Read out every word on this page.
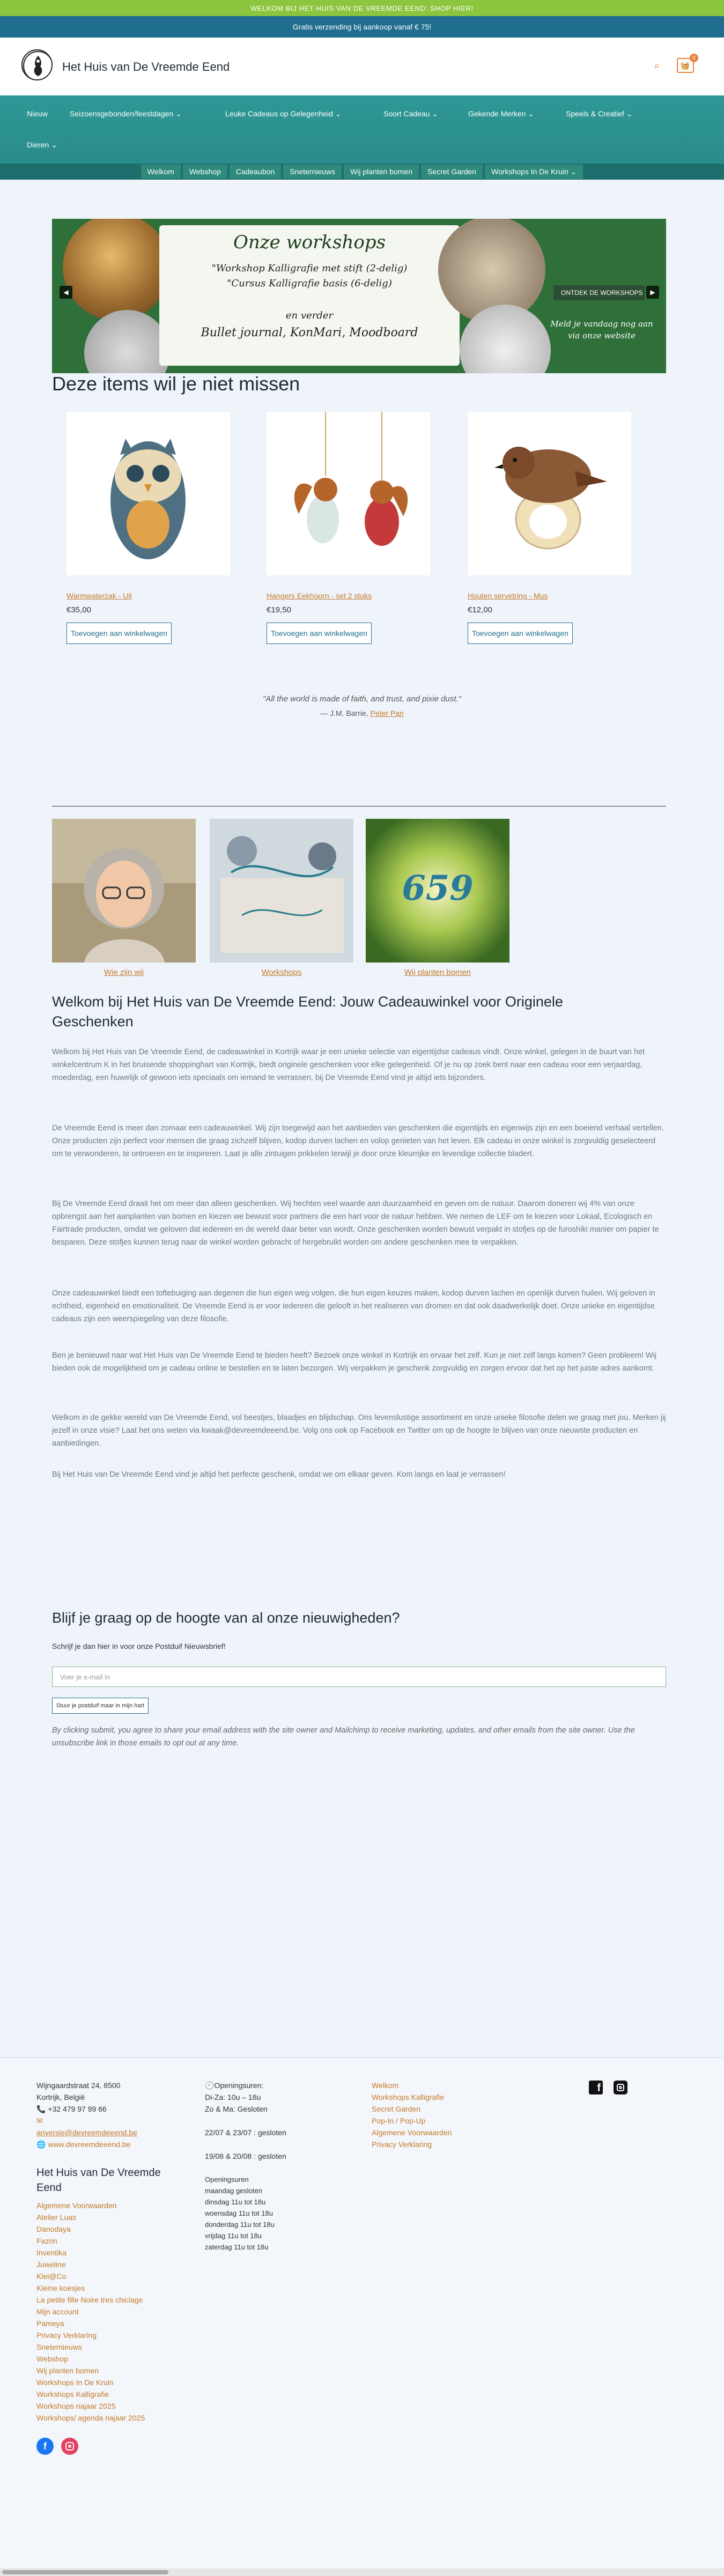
WELKOM BIJ HET HUIS VAN DE VREEMDE EEND: SHOP HIER!
Gratis verzending bij aankoop vanaf € 75!
Het Huis van De Vreemde Eend	⌕	🧺
0
Nieuw	Seizoensgebonden/feestdagen ⌄	Leuke Cadeaus op Gelegenheid ⌄	Soort Cadeau ⌄	Gekende Merken ⌄	Speels & Creatief ⌄
Dieren ⌄
Welkom	Webshop	Cadeaubon	Sneternieuws	Wij planten bomen	Secret Garden	Workshops In De Kruin ⌄
Onze workshops
"Workshop Kalligrafie met stift (2-delig)
"Cursus Kalligrafie basis (6-delig)
en verder
Bullet journal, KonMari, Moodboard
◀	ONTDEK DE WORKSHOPS	▶
Meld je vandaag nog aan
via onze website
Deze items wil je niet missen
Warmwaterzak - Uil
€35,00
Toevoegen aan winkelwagen
Hangers Eekhoorn - set 2 stuks
€19,50
Toevoegen aan winkelwagen
Houten servetring - Mus
€12,00
Toevoegen aan winkelwagen
"All the world is made of faith, and trust, and pixie dust."
— J.M. Barrie, Peter Pan
Wie zijn wij	Workshops
659
Wij planten bomen
Welkom bij Het Huis van De Vreemde Eend: Jouw Cadeauwinkel voor Originele Geschenken
Welkom bij Het Huis van De Vreemde Eend, de cadeauwinkel in Kortrijk waar je een unieke selectie van eigentijdse cadeaus vindt. Onze winkel, gelegen in de buurt van het winkelcentrum K in het bruisende shoppinghart van Kortrijk, biedt originele geschenken voor elke gelegenheid. Of je nu op zoek bent naar een cadeau voor een verjaardag, moederdag, een huwelijk of gewoon iets speciaals om iemand te verrassen, bij De Vreemde Eend vind je altijd iets bijzonders.
De Vreemde Eend is meer dan zomaar een cadeauwinkel. Wij zijn toegewijd aan het aanbieden van geschenken die eigentijds en eigenwijs zijn en een boeiend verhaal vertellen. Onze producten zijn perfect voor mensen die graag zichzelf blijven, kodop durven lachen en volop genieten van het leven. Elk cadeau in onze winkel is zorgvuldig geselecteerd om te verwonderen, te ontroeren en te inspireren. Laat je alle zintuigen prikkelen terwijl je door onze kleurrijke en levendige collectie bladert.
Bij De Vreemde Eend draait het om meer dan alleen geschenken. Wij hechten veel waarde aan duurzaamheid en geven om de natuur. Daarom doneren wij 4% van onze opbrengst aan het aanplanten van bomen en kiezen we bewust voor partners die een hart voor de natuur hebben. We nemen de LEF om te kiezen voor Lokaal, Ecologisch en Fairtrade producten, omdat we geloven dat iedereen en de wereld daar beter van wordt. Onze geschenken worden bewust verpakt in stofjes op de furoshiki manier om papier te besparen. Deze stofjes kunnen terug naar de winkel worden gebracht of hergebruikt worden om andere geschenken mee te verpakken.
Onze cadeauwinkel biedt een toftebuiging aan degenen die hun eigen weg volgen, die hun eigen keuzes maken, kodop durven lachen en openlijk durven huilen. Wij geloven in echtheid, eigenheid en emotionaliteit. De Vreemde Eend is er voor iedereen die gelooft in het realiseren van dromen en dat ook daadwerkelijk doet. Onze unieke en eigentijdse cadeaus zijn een weerspiegeling van deze filosofie.
Ben je benieuwd naar wat Het Huis van De Vreemde Eend te bieden heeft? Bezoek onze winkel in Kortrijk en ervaar het zelf. Kun je niet zelf langs komen? Geen probleem! Wij bieden ook de mogelijkheid om je cadeau online te bestellen en te laten bezorgen. Wij verpakken je geschenk zorgvuldig en zorgen ervoor dat het op het juiste adres aankomt.
Welkom in de gekke wereld van De Vreemde Eend, vol beestjes, blaadjes en blijdschap. Ons levenslustige assortiment en onze unieke filosofie delen we graag met jou. Merken jij jezelf in onze visie? Laat het ons weten via kwaak@devreemdeeend.be. Volg ons ook op Facebook en Twitter om op de hoogte te blijven van onze nieuwste producten en aanbiedingen.
Bij Het Huis van De Vreemde Eend vind je altijd het perfecte geschenk, omdat we om elkaar geven. Kom langs en laat je verrassen!
Blijf je graag op de hoogte van al onze nieuwigheden?
Schrijf je dan hier in voor onze Postduif Nieuwsbrief!
Voer je e-mail in
Stuur je postduif maar in mijn hart
By clicking submit, you agree to share your email address with the site owner and Mailchimp to receive marketing, updates, and other emails from the site owner. Use the unsubscribe link in those emails to opt out at any time.
Wijngaardstraat 24, 8500
Kortrijk, België
📞 +32 479 97 99 66
✉
anversie@devreemdeeend.be
🌐 www.devreemdeeend.be
Het Huis van De Vreemde Eend
Algemene Voorwaarden
Atelier Luas
Danodaya
Fazrin
Inventika
Juweline
Klei@Co
Kleine koesjes
La petite fille Noire tres chiclage
Mijn account
Pameya
Privacy Verklaring
Sneternieuws
Webshop
Wij planten bomen
Workshops In De Kruin
Workshops Kalligrafie
Workshops najaar 2025
Workshops/ agenda najaar 2025
f
🕘Openingsuren:
Di-Za: 10u – 18u
Zo & Ma: Gesloten
22/07 & 23/07 : gesloten
19/08 & 20/08 : gesloten
Openingsuren
maandag gesloten
dinsdag 11u tot 18u
woensdag 11u tot 18u
donderdag 11u tot 18u
vrijdag 11u tot 18u
zaterdag 11u tot 18u
Welkom
Workshops Kalligrafie
Secret Garden
Pop-In / Pop-Up
Algemene Voorwaarden
Privacy Verklaring
f
